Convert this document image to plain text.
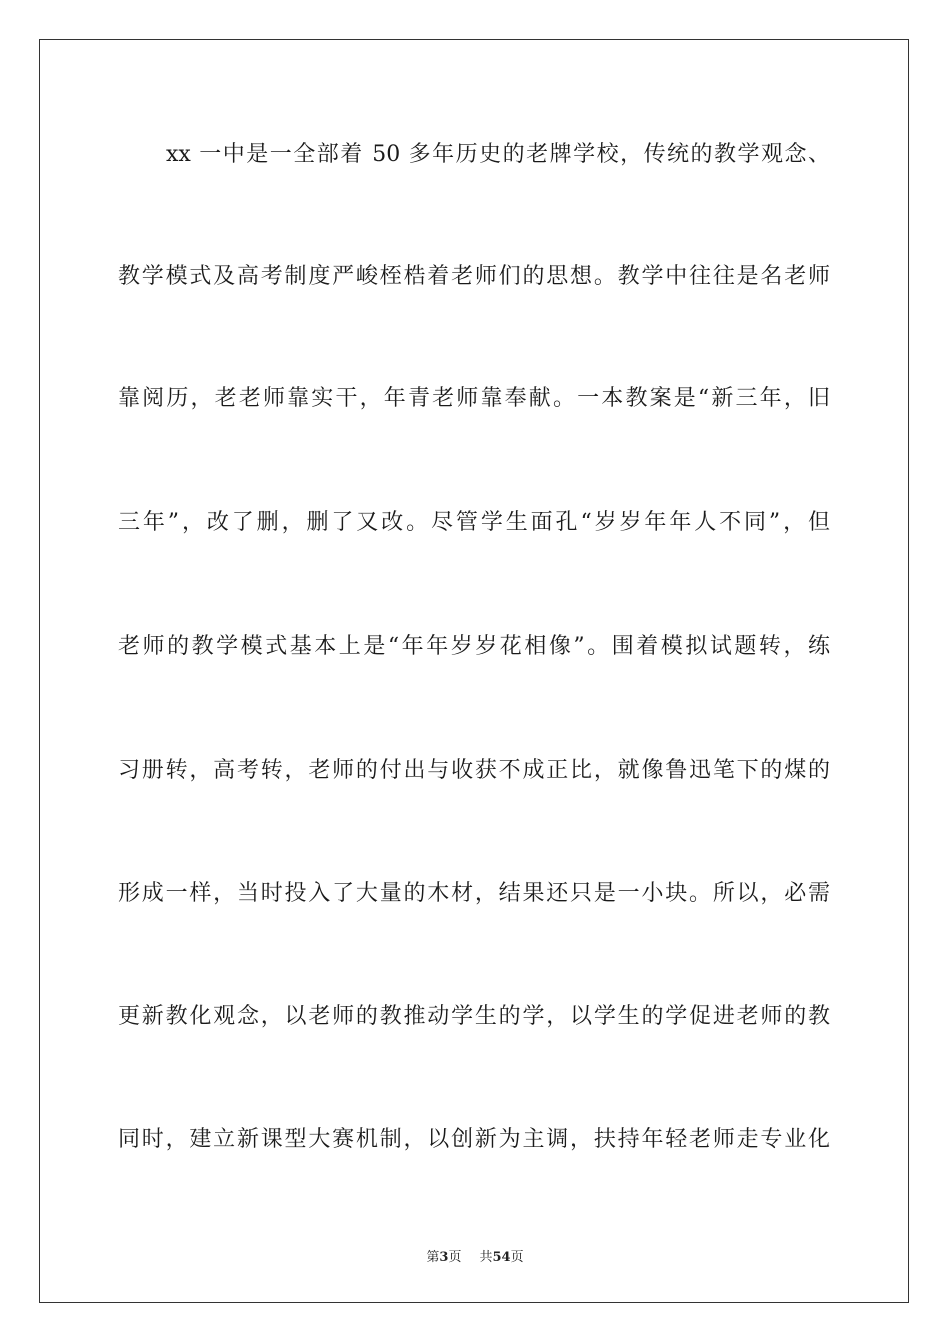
xx 一中是一全部着 50 多年历史的老牌学校，传统的教学观念、
教学模式及高考制度严峻桎梏着老师们的思想。教学中往往是名老师
靠阅历，老老师靠实干，年青老师靠奉献。一本教案是“新三年，旧
三年”，改了删，删了又改。尽管学生面孔“岁岁年年人不同”，但
老师的教学模式基本上是“年年岁岁花相像”。围着模拟试题转，练
习册转，高考转，老师的付出与收获不成正比，就像鲁迅笔下的煤的
形成一样，当时投入了大量的木材，结果还只是一小块。所以，必需
更新教化观念，以老师的教推动学生的学，以学生的学促进老师的教
同时，建立新课型大赛机制，以创新为主调，扶持年轻老师走专业化
第3页 共54页
